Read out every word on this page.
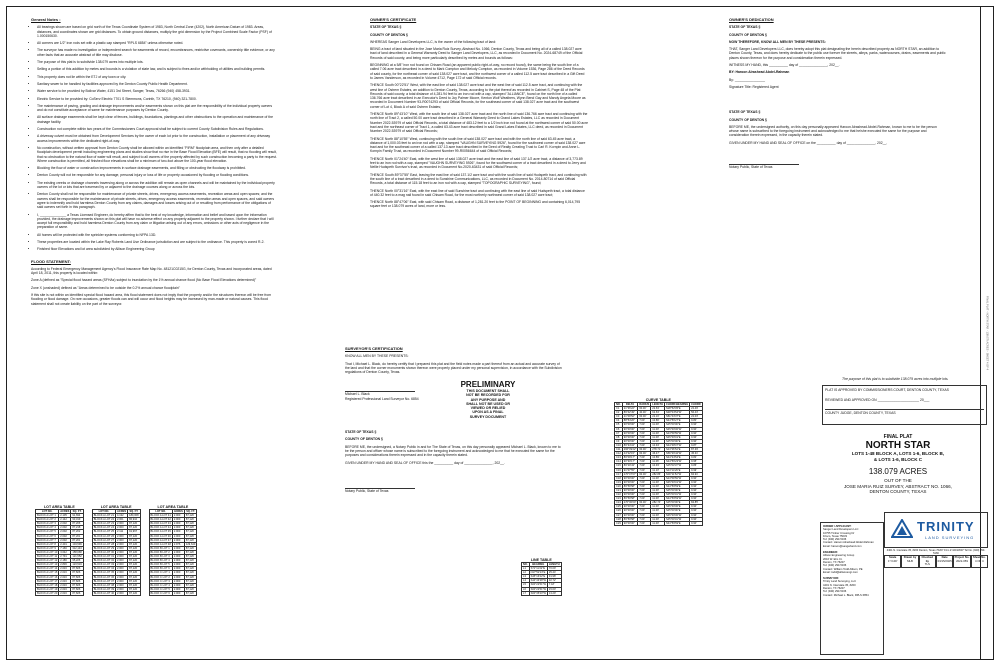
FINAL PLAT - NORTH STAR - 138.079 ACRES - SHEET 4 OF 4
General Notes :
• All bearings shown are based on grid north of the Texas Coordinate System of 1983, North Central Zone (4202), North American Datum of 1983. Areas, distances, and coordinates shown are grid distances. To obtain ground distances, multiply the grid dimension by the Project Combined Scale Factor (PSF) of 1.000150630.
• All corners are 1/2" iron rods set with a plastic cap stamped "RPLS 6854" unless otherwise noted.
• The surveyor has made no investigation or independent search for easements of record, encumbrances, restrictive covenants, ownership title evidence, or any other facts that an accurate abstract of title may disclose.
• The purpose of this plat is to subdivide 138.079 acres into multiple lots.
• Selling a portion of this addition by metes and bounds is a violation of state law, and is subject to fines and/or withholding of utilities and building permits.
• This property does not lie within the ETJ of any town or city.
• Sanitary sewer to be handled by facilities approved by the Denton County Public Health Department.
• Water service to be provided by Bolivar Water, 4151 3rd Street, Sanger, Texas, 76266 (940) 458-3931.
• Electric Service to be provided by: CoServ Electric 7701 S Stemmons, Corinth, TX 76210, (940) 321-7800.
• The maintenance of paving, grading and drainage improvements and/or easements shown on this plat are the responsibility of the individual property owners and do not constitute acceptance of same for maintenance purposes by Denton County.
• All surface drainage easements shall be kept clear of fences, buildings, foundations, plantings and other obstructions to the operation and maintenance of the drainage facility.
• Construction not complete within two years of the Commissioners Court approval shall be subject to current County Subdivision Rules and Regulations.
• A driveway culvert must be obtained from Development Services by the owner of each lot prior to the construction, installation or placement of any driveway access improvements within the dedicated right-of-way.
• No construction, without written approval from Denton County shall be allowed within an identified "FIRM" floodplain area, and then only after a detailed floodplain development permit including engineering plans and studies show that no rise in the Base Flood Elevation (BFE) will result, that no flooding will result, that no obstruction to the natural flow of water will result, and subject to all owners of the property affected by such construction becoming a party to the request. Where construction is permitted, all finished floor elevations shall be a minimum of two-foot above the 100-year flood elevation.
• Blocking the flow of water or construction improvements in surface drainage easements, and filling or obstructing the floodway is prohibited.
• Denton County will not be responsible for any damage, personal injury or loss of life or property occasioned by flooding or flooding conditions.
• The existing creeks or drainage channels traversing along or across the addition will remain as open channels and will be maintained by the individual property owners of the lot or lots that are traversed by or adjacent to the drainage courses along or across the lots.
• Denton County shall not be responsible for maintenance of private streets, drives, emergency access easements, recreation areas and open spaces; and the owners shall be responsible for the maintenance of private streets, drives, emergency access easements, recreation areas and open spaces, and said owners agree to indemnify and hold harmless Denton County from any claims, damages and losses arising out of or resulting from performance of the obligations of said owners set forth in this paragraph.
• I, ______________ a Texas Licensed Engineer, do hereby affirm that to the best of my knowledge, information and belief and based upon the information provided, the drainage improvements shown on this plat will have no adverse effect on any property adjacent to the property shown. I further declare that I will accept full responsibility and hold harmless Denton County from any claim or litigation arising out of any errors, omissions or other acts of negligence in the preparation of same.
• All homes will be protected with fire sprinkler systems conforming to NFPA 13D.
• These properties are located within the Lake Ray Roberts Land Use Ordinance jurisdiction and are subject to the ordinance. This property is zoned R-2.
• Finished floor Elevations and lot area subdivided by Allison Engineering Group
FLOOD STATEMENT:

According to Federal Emergency Management Agency's Flood Insurance Rate Map No. 48121C0215G, for Denton County, Texas and incorporated areas, dated April 18, 2011, this property is located within:

Zone A (defined as "Special flood hazard areas (SFHAs) subject to inundation by the 1% annual chance flood (No Base Flood Elevations determined)"

Zone X (unshaded) defined as "Areas determined to be outside the 0.2% annual chance floodplain"

If this site is not within an identified special flood hazard area, this flood statement does not imply that the property and/or the structures thereon will be free from flooding or flood damage. On rare occasions, greater floods can and will occur and flood heights may be increased by man-made or natural causes. This flood statement shall not create liability on the part of the surveyor.

LOT AREA TABLE
LOT NO.	ACRES	SQ. FT.
BLOCK A LOT 1	2.105	91,694
BLOCK A LOT 2	2.142	93,319
BLOCK A LOT 3	2.002	87,206
BLOCK A LOT 4	2.002	87,218
BLOCK A LOT 5	2.002	87,202
BLOCK A LOT 6	2.002	87,201
BLOCK A LOT 7	2.002	87,201
BLOCK A LOT 8	2.401	104,599
BLOCK A LOT 9	7.166	312,143
BLOCK A LOT 10	3.642	158,668
BLOCK A LOT 11	2.791	121,552
BLOCK A LOT 12	2.186	95,226
BLOCK A LOT 13	2.836	123,519
BLOCK A LOT 14	2.016	87,826
BLOCK A LOT 15	2.016	87,826
BLOCK A LOT 16	2.016	87,826
BLOCK A LOT 17	2.016	87,826
BLOCK A LOT 18	2.016	87,826
BLOCK A LOT 19	2.016	87,826
BLOCK A LOT 20	2.016	87,826
LOT AREA TABLE
LOT NO.	ACRES	SQ. FT.
BLOCK A LOT 21	4.132	180,008
BLOCK A LOT 22	2.001	86,910
BLOCK A LOT 23	2.000	87,120
BLOCK A LOT 24	2.000	87,120
BLOCK A LOT 25	2.111	91,967
BLOCK A LOT 26	2.000	87,120
BLOCK A LOT 27	2.000	87,120
BLOCK A LOT 28	2.000	87,120
BLOCK A LOT 29	2.000	87,120
BLOCK A LOT 30	2.000	87,120
BLOCK A LOT 31	2.000	87,120
BLOCK A LOT 32	2.000	87,120
BLOCK A LOT 33	2.000	87,120
BLOCK A LOT 34	2.000	87,120
BLOCK A LOT 35	2.000	87,120
BLOCK A LOT 36	2.000	87,120
BLOCK A LOT 37	2.000	87,120
BLOCK A LOT 38	2.000	87,120
BLOCK A LOT 39	2.000	87,120
BLOCK A LOT 40	2.000	87,120
LOT AREA TABLE
LOT NO.	ACRES	SQ. FT.
BLOCK A LOT 41	2.000	87,120
BLOCK A LOT 42	2.000	87,120
BLOCK A LOT 43	2.000	87,120
BLOCK A LOT 44	2.000	87,120
BLOCK A LOT 45	2.000	87,120
BLOCK A LOT 46	2.000	87,120
BLOCK A LOT 47	2.000	87,120
BLOCK A LOT 48	2.976	129,640
BLOCK B LOT 1	2.000	87,120
BLOCK B LOT 2	2.000	87,120
BLOCK B LOT 3	2.000	87,120
BLOCK B LOT 4	2.000	87,120
BLOCK B LOT 5	2.000	87,120
BLOCK B LOT 6	2.000	87,120
BLOCK C LOT 1	2.000	87,120
BLOCK C LOT 2	2.000	87,120
BLOCK C LOT 3	2.000	87,120
BLOCK C LOT 4	2.000	87,120
BLOCK C LOT 5	2.000	87,120
BLOCK C LOT 6	2.000	87,120
OWNER'S CERTIFICATE

STATE OF TEXAS §

COUNTY OF DENTON §

WHEREAS Sanger Land Developers LLC, is the owner of the following tract of land:

BEING a tract of land situated in the Jose Maria Ruiz Survey, Abstract No. 1066, Denton County, Texas and being all of a called 138.027 acre tract of land described in a General Warranty Deed to Sanger Land Developers, LLC, as recorded in Document No. 2024-68749 of the Official Records of said county, and being more particularly described by metes and bounds as follows:

BEGINNING at a 5/8" iron rod found on Chisam Road (an apparent public right-of-way, no record found), the same being the south line of a called 7.06 acre tract described in a deed to Mark Compton and Melody Compton, as recorded in Volume 1536, Page 286 of the Deed Records of said county, for the northeast corner of said 138.027 acre tract, and the northwest corner of a called 112.5 acre tract described in a Gift Deed to James Vanderson, as recorded in Volume 4712, Page 172 of said Official records.

THENCE South 00°22'51" West, with the east line of said 138.027 acre tract and the west line of said 112.5 acre tract, and continuing with the west line of Ostrem Estates, an addition to Denton County, Texas, according to the plat thereof as recorded in Cabinet S, Page 48 of the Plat Records of said county, a total distance of 4,281.94 feet to an iron rod with a cap, stamped "ALLIANCE", found on the north line of a called 136.766 acre tract described in an Executor's Deed to Joy Palmer Moore, Kenton Wolf Weathers, Wynn Bend Gay and Mandy Angela Moore as recorded in Document Number 93-R0074293 of said Official Records, for the southeast corner of said 138.027 acre tract and the southwest corner of Lot 4, Block A of said Ostrem Estates;

THENCE North 89°43'10" West, with the south line of said 138.027 acre tract and the north line of said 136.766 acre tract and continuing with the north line of Tract 2, a called 50.00 acre tract described in a General Warranty Deed to Grand Lakes Estates, LLC as recorded in Document Number 2022-53979 of said Official Records, a total distance of 483.12 feet to a 1/2 inch iron rod found at the northwest corner of said 50.00 acre tract and the northeast corner of Tract 1, a called 63.43 acre tract described in said Grand Lakes Estates, LLC deed, as recorded in Document Number 2022-53979 of said Official Records;

THENCE North 88°10'55" West, continuing with the south line of said 138.027 acre tract and with the north line of said 63.45 acre tract, a distance of 1,000.03 feet to an iron rod with a cap, stamped "VAUGHN SURVEYING 5926", found for the southwest corner of said 138.027 acre tract and for the southeast corner of a called 137.13 acre tract described in the Deed of Realty Creating Trust to Carl R. Kornpin and Anne L. Kornpin Family Trust, as recorded in Document Number 99-R0056644 of said Official Records;

THENCE North 01°24'40" East, with the west line of said 138.027 acre tract and the east line of said 137.1/2 acre tract, a distance of 3,773.89 feet to an iron rod with a cap, stamped "VAUGHN SURVEYING 5926", found for the southwest corner of a tract described in a deed to Jerry and Nellie Hudspeth Survivor's trust, as recorded in Document No.2020-63431 of said Official Records;

THENCE South 89°37'55" East, leaving the east line of said 137.1/2 acre tract and with the south line of said Hudspeth tract, and continuing with the south line of a tract described in a deed to Sunshine Communications, LLC, as recorded in Document No. 2014-80714 of said Official Records, a total distance of 115.18 feet to an iron rod with a cap, stamped "TOPOGRAPHIC SURVEYING", found;

THENCE North 00°31'16" East, with the east line of said Sunshine tract and continuing with the east line of said Hudspeth tract, a total distance of 440.32 feet to a mag nail found in said Chisam Road, for the most northerly northwest corner of said 138.027 acre tract;

THENCE North 88°47'06" East, with said Chisam Road, a distance of 1,281.20 feet to the POINT OF BEGINNING and containing 6,014,795 square feet or 138.079 acres of land, more or less.

SURVEYOR'S CERTIFICATION

KNOW ALL MEN BY THESE PRESENTS:

That I, Michael L. Black, do hereby certify that I prepared this plat and the field notes made a part thereof from an actual and accurate survey of the land and that the corner monuments shown thereon were properly placed under my personal supervision, in accordance with the Subdivision regulations of Denton County, Texas.

Michael L. Black

Registered Professional Land Surveyor No. 6854

STATE OF TEXAS §

COUNTY OF DENTON §

BEFORE ME, the undersigned, a Notary Public in and for The State of Texas, on this day personally appeared Michael L. Black, known to me to be the person and officer whose name is subscribed to the foregoing instrument and acknowledged to me that he executed the same for the purposes and considerations therein expressed and in the capacity therein stated.

GIVEN UNDER MY HAND AND SEAL OF OFFICE this the __________ day of _______________, 202__.

Notary Public, State of Texas

PRELIMINARY
THIS DOCUMENT SHALL
NOT BE RECORDED FOR
ANY PURPOSE AND
SHALL NOT BE USED OR
VIEWED OR RELIED
UPON AS A FINAL
SURVEY DOCUMENT
LINE TABLE
NO.	BEARING	LENGTH
L1	S71°11'22"E	70.09'
L2	N17°52'13"E	25.44'
L3	S45°16'22"E	31.98'
L4	S44°43'38"W	32.72'
L5	S00°22'51"W	7.18'
L6	S00°22'51"W	15.60'
L7	S00°35'20"W	13.29'
CURVE TABLE
NO.	DELTA	RADIUS	LENGTH	CHORD BEARING	CHORD
C1	21°36'22"	60.00'	22.63'	N28°52'05"E	22.49'
C2	89°42'49"	40.00'	62.63'	N48°04'54"W	56.43'
C3	21°09'52"	60.00'	22.16'	N81°43'37"E	22.03'
C4	88°54'26"	7.00'	10.86'	N44°56'27"E	9.80'
C5	90°00'00"	7.00'	11.00'	S45°00'00"E	9.90'
C6	90°00'00"	7.00'	11.00'	N45°00'00"W	9.90'
C7	90°00'00"	7.00'	11.00'	S44°59'59"W	9.90'
C8	90°00'00"	7.00'	11.00'	N45°00'01"E	9.90'
C9	90°00'00"	7.00'	11.00'	S45°00'00"E	9.90'
C10	89°34'34"	7.00'	10.94'	N44°48'07"W	9.87'
C11	266°09'22"	60.00'	278.71'	S44°36'54"E	87.39'
C12	44°22'15"	60.00'	46.47'	N66°26'42"W	45.31'
C13	89°09'17"	7.00'	10.89'	N44°24'54"E	9.82'
C14	90°30'17"	7.00'	11.06'	N44°56'23"W	9.95'
C15	89°29'43"	7.00'	10.93'	S45°03'37"W	9.86'
C16	91°07'55"	7.00'	11.13'	S44°14'26"E	9.99'
C17	270°07'07"	60.00'	282.86'	N00°11'52"W	84.91'
C18	90°00'00"	7.00'	11.00'	S44°59'59"W	9.90'
C19	90°00'00"	7.00'	11.00'	N45°00'01"W	9.90'
C20	89°59'58"	7.00'	11.00'	N44°59'59"E	9.90'
C21	90°00'00"	7.00'	11.00'	S45°00'00"E	9.90'
C22	90°00'00"	7.00'	11.00'	S45°00'01"W	9.90'
C23	89°59'58"	7.00'	11.00'	N44°59'59"W	9.90'
C24	270°00'00"	60.00'	282.74'	S45°00'00"E	84.85'
C25	90°00'00"	7.00'	11.00'	N45°00'00"E	9.90'
C26	90°00'00"	7.00'	11.00'	S45°00'00"E	9.90'
C27	90°00'00"	7.00'	11.00'	N45°00'00"W	9.90'
C28	89°59'58"	7.00'	11.00'	S45°00'01"W	9.90'
C29	90°00'00"	7.00'	11.00'	N44°59'59"E	9.90'
OWNER'S DEDICATION

STATE OF TEXAS §

COUNTY OF DENTON §

NOW THEREFORE, KNOW ALL MEN BY THESE PRESENTS:

THAT, Sanger Land Developers LLC, does hereby adopt this plat designating the herein described property as NORTH STAR, an addition to Denton County, Texas, and does hereby dedicate to the public use forever the streets, alleys, parks, watercourses, drains, easements and public places shown thereon for the purpose and consideration therein expressed.

WITNESS MY HAND, this __________ day of _______________, 202__.

BY: Haroon Alrashead Abdel-Rahman

By: ________________

Signature Title: Registered Agent

STATE OF TEXAS §

COUNTY OF DENTON §

BEFORE ME, the undersigned authority, on this day personally appeared Haroon Alrashead Abdel-Rahman, known to me to be the person whose name is subscribed to the foregoing instrument and acknowledged to me that he/she executed the same for the purpose and consideration therein expressed, in the capacity therein stated.

GIVEN UNDER MY HAND AND SEAL OF OFFICE on the __________ day of _______________, 202__.

Notary Public, State of Texas

The purpose of this plat is to subdivide 138.079 acres into multiple lots.

PLAT IS APPROVED BY COMMISSIONERS COURT, DENTON COUNTY, TEXAS

REVIEWED AND APPROVED ON ______________________ 20___

COUNTY JUDGE, DENTON COUNTY, TEXAS

FINAL PLAT
NORTH STAR
LOTS 1-48 BLOCK A, LOTS 1-6, BLOCK B,
& LOTS 1-6, BLOCK C
138.079 ACRES
OUT OF THE
JOSE MARIA RUIZ SURVEY, ABSTRACT NO. 1066,
DENTON COUNTY, TEXAS
OWNER / APPLICANT:
Sanger Land Developers LLC
10755 Timber Crossing Dr
Frisco, Texas 75033
Tel: (940) 293-5166
Contact: Haroon Alrashead Abdel-Rahman
Email: haroon@sangerland.com
ENGINEER:
Allison Engineering Group
2016 W. Elm Ct.
Denton, TX 76207
Tel: (940) 293-5166
Contact: William Todd Allison, PE
Email: todd@allisonengr.com
SURVEYOR:
Trinity Land Surveying, LLC
4401 N. Interstate 35, #200
Denton, TX 76207
Tel: (940) 293-5166
Contact: Michael L. Black, RPLS 6854
TRINITY
LAND SURVEYING
4401 N. Interstate 35, #200 Denton, Texas 76207 Firm # 10194507 Tel No. (940) 293-5166
Scale
1"=100'
Drawn by
MLB
Checked by
TLS
Date
03/15/2025
Project No.
2022-059
Sheet No.
4 OF 4
